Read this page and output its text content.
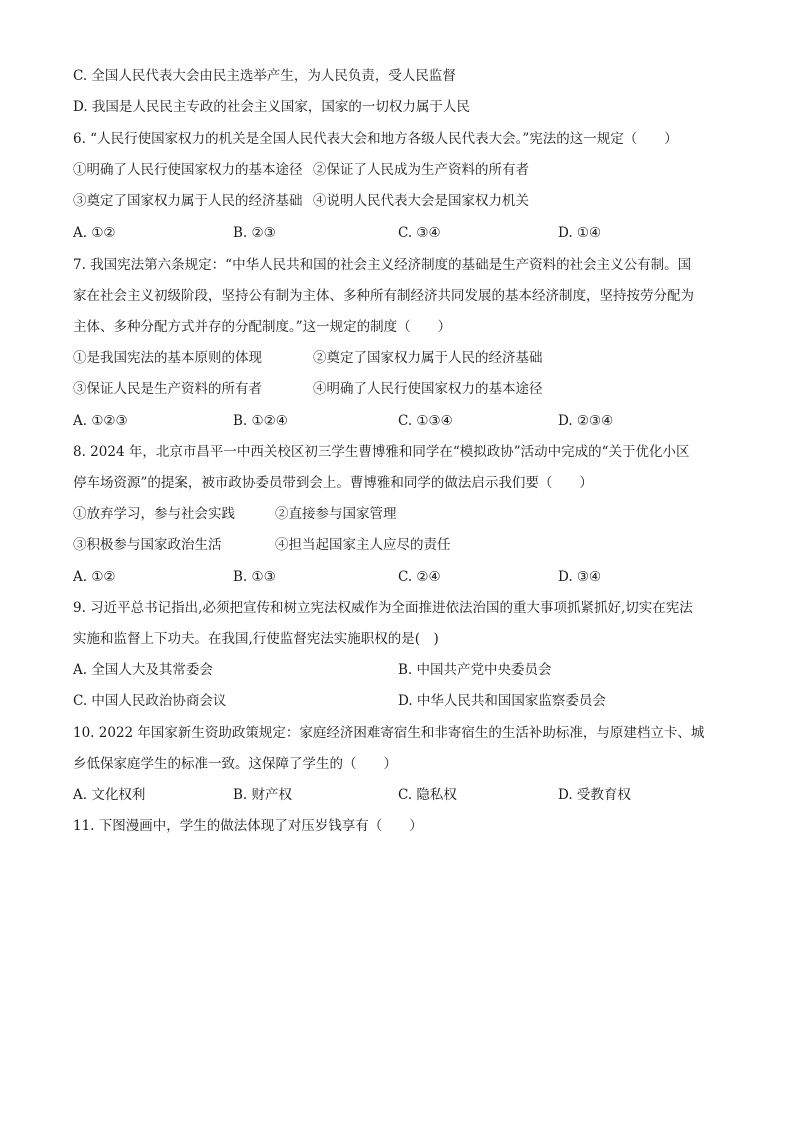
C. 全国人民代表大会由民主选举产生，为人民负责，受人民监督
D. 我国是人民民主专政的社会主义国家，国家的一切权力属于人民
6. “人民行使国家权力的机关是全国人民代表大会和地方各级人民代表大会。”宪法的这一规定（　　）
①明确了人民行使国家权力的基本途径 ②保证了人民成为生产资料的所有者
③奠定了国家权力属于人民的经济基础 ④说明人民代表大会是国家权力机关
A. ①②	B. ②③	C. ③④	D. ①④
7. 我国宪法第六条规定：“中华人民共和国的社会主义经济制度的基础是生产资料的社会主义公有制。国
家在社会主义初级阶段，坚持公有制为主体、多种所有制经济共同发展的基本经济制度，坚持按劳分配为
主体、多种分配方式并存的分配制度。”这一规定的制度（　　）
①是我国宪法的基本原则的体现	②奠定了国家权力属于人民的经济基础
③保证人民是生产资料的所有者	④明确了人民行使国家权力的基本途径
A. ①②③	B. ①②④	C. ①③④	D. ②③④
8. 2024 年，北京市昌平一中西关校区初三学生曹博雅和同学在“模拟政协”活动中完成的“关于优化小区
停车场资源”的提案，被市政协委员带到会上。曹博雅和同学的做法启示我们要（　　）
①放弃学习，参与社会实践	②直接参与国家管理
③积极参与国家政治生活	④担当起国家主人应尽的责任
A. ①②	B. ①③	C. ②④	D. ③④
9. 习近平总书记指出,必须把宣传和树立宪法权威作为全面推进依法治国的重大事项抓紧抓好,切实在宪法
实施和监督上下功夫。在我国,行使监督宪法实施职权的是(　)
A. 全国人大及其常委会	B. 中国共产党中央委员会
C. 中国人民政治协商会议	D. 中华人民共和国国家监察委员会
10. 2022 年国家新生资助政策规定：家庭经济困难寄宿生和非寄宿生的生活补助标准，与原建档立卡、城
乡低保家庭学生的标准一致。这保障了学生的（　　）
A. 文化权利	B. 财产权	C. 隐私权	D. 受教育权
11. 下图漫画中，学生的做法体现了对压岁钱享有（　　）
